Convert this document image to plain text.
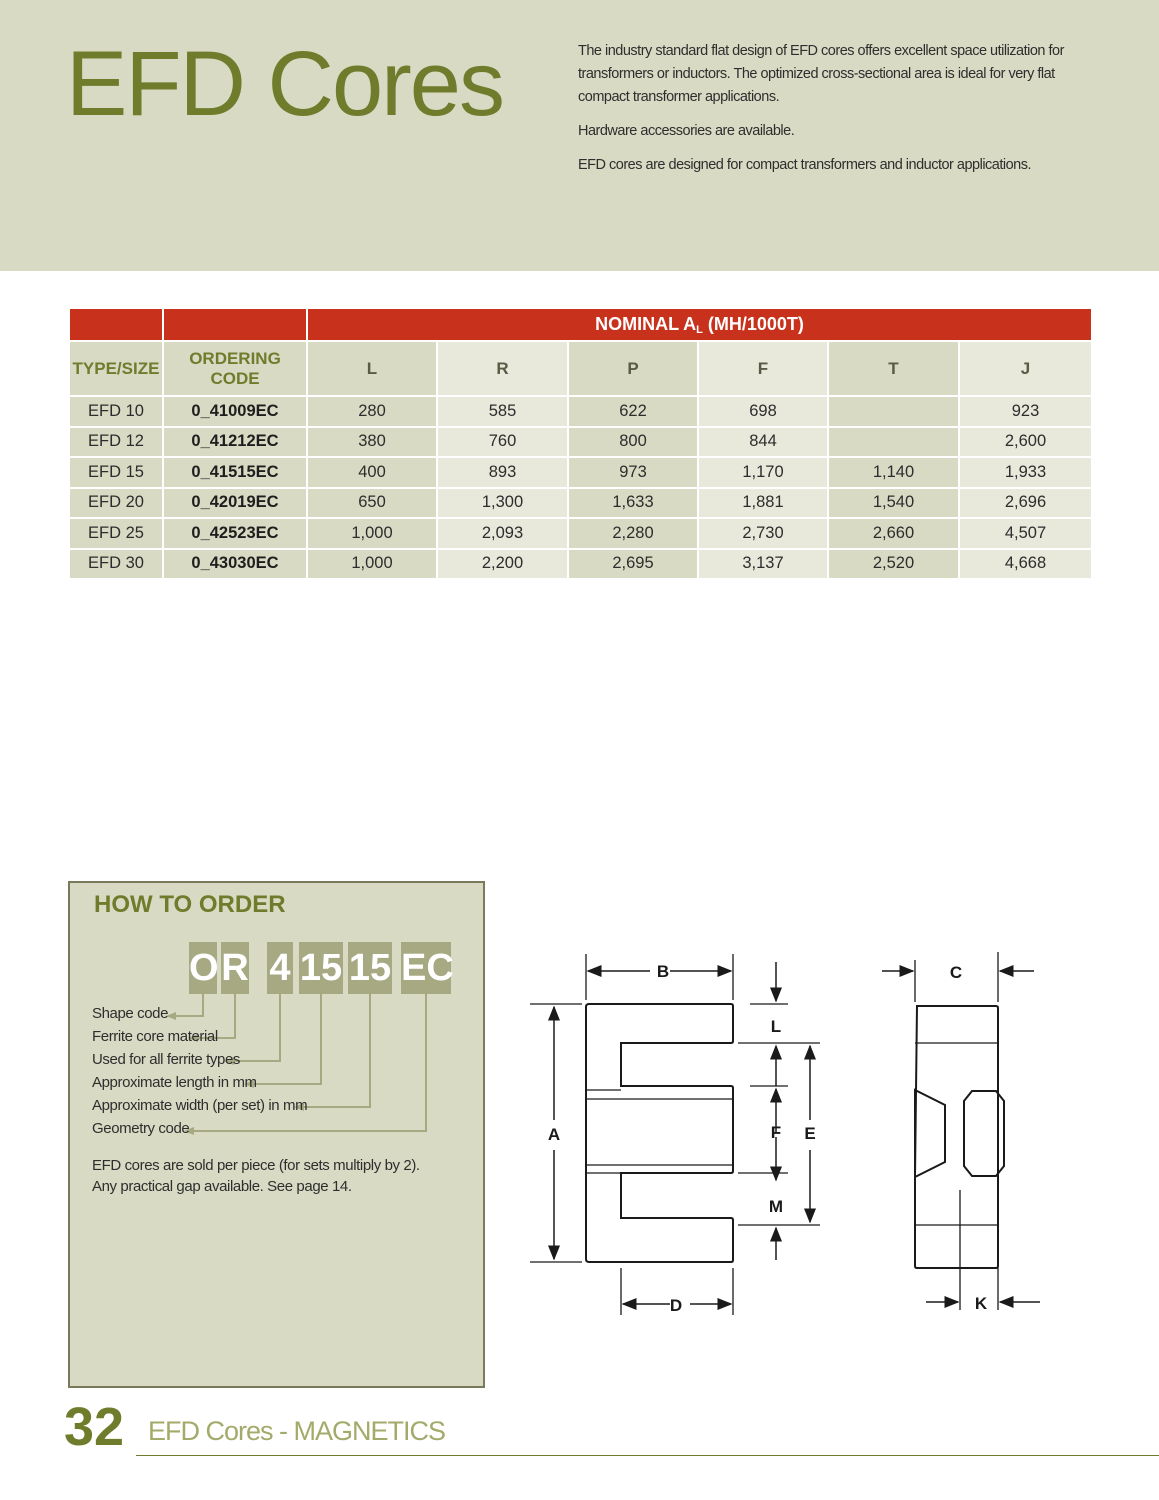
EFD Cores	The industry standard flat design of EFD cores offers excellent space utilization for transformers or inductors. The optimized cross-sectional area is ideal for very flat compact transformer applications.

Hardware accessories are available.

EFD cores are designed for compact transformers and inductor applications.

		NOMINAL $A_L$ (MH/1000T)					
TYPE/SIZE	ORDERING CODE	L	R	P	F	T	J
EFD 10	0_41009EC	280	585	622	698		923
EFD 12	0_41212EC	380	760	800	844		2,600
EFD 15	0_41515EC	400	893	973	1,170	1,140	1,933
EFD 20	0_42019EC	650	1,300	1,633	1,881	1,540	2,696
EFD 25	0_42523EC	1,000	2,093	2,280	2,730	2,660	4,507
EFD 30	0_43030EC	1,000	2,200	2,695	3,137	2,520	4,668
HOW TO ORDER
O R 4 15 15 EC
Shape code
Ferrite core material
Used for all ferrite types
Approximate length in mm
Approximate width (per set) in mm
Geometry code
EFD cores are sold per piece (for sets multiply by 2).
Any practical gap available. See page 14.
B
A
D
C
K
L
F
M
E
32 EFD Cores - MAGNETICS
